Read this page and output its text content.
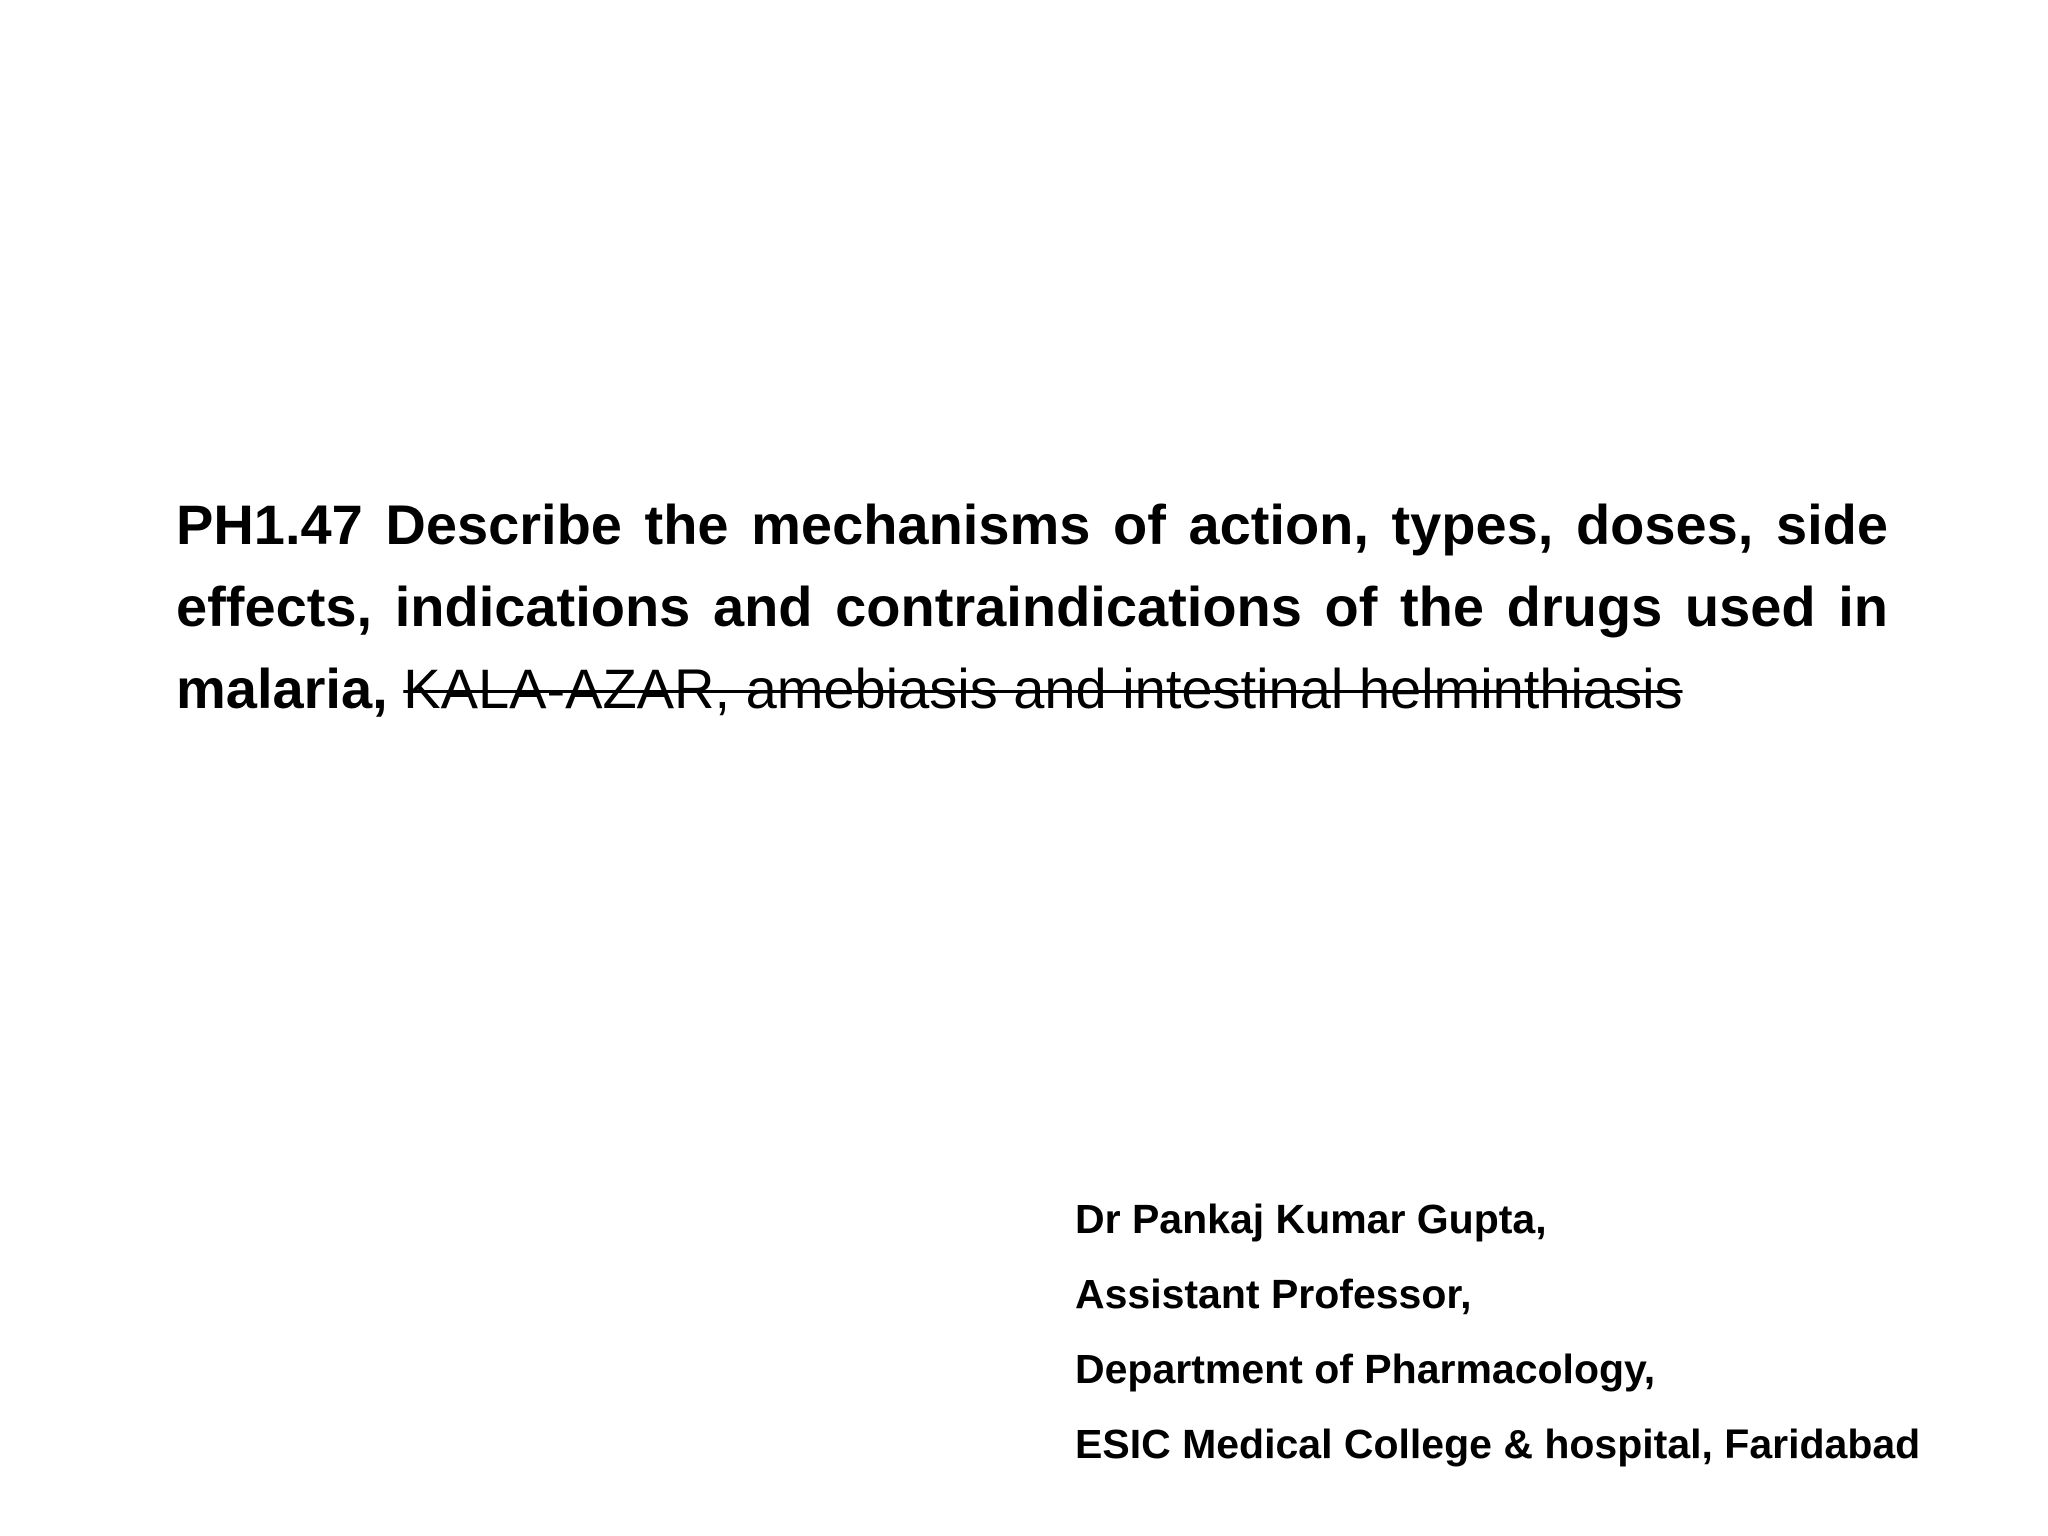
PH1.47 Describe the mechanisms of action, types, doses, side effects, indications and contraindications of the drugs used in malaria, KALA-AZAR, amebiasis and intestinal helminthiasis

Dr Pankaj Kumar Gupta,
Assistant Professor,
Department of Pharmacology,
ESIC Medical College & hospital, Faridabad
